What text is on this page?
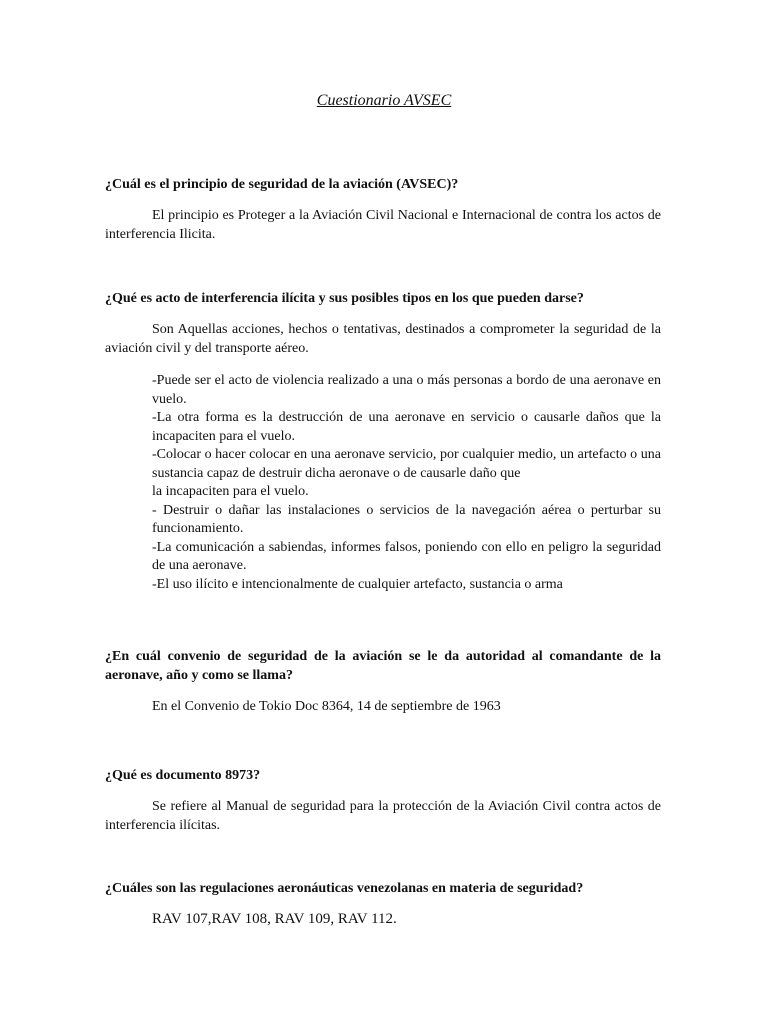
Cuestionario AVSEC
¿Cuál es el principio de seguridad de la aviación (AVSEC)?
El principio es Proteger a la Aviación Civil Nacional e Internacional de contra los actos de interferencia Ilicita.
¿Qué es acto de interferencia ilícita y sus posibles tipos en los que pueden darse?
Son Aquellas acciones, hechos o tentativas, destinados a comprometer la seguridad de la aviación civil y del transporte aéreo.
-Puede ser el acto de violencia realizado a una o más personas a bordo de una aeronave en vuelo.
-La otra forma es la destrucción de una aeronave en servicio o causarle daños que la incapaciten para el vuelo.
-Colocar o hacer colocar en una aeronave servicio, por cualquier medio, un artefacto o una sustancia capaz de destruir dicha aeronave o de causarle daño que
la incapaciten para el vuelo.
- Destruir o dañar las instalaciones o servicios de la navegación aérea o perturbar su funcionamiento.
-La comunicación a sabiendas, informes falsos, poniendo con ello en peligro la seguridad de una aeronave.
-El uso ilícito e intencionalmente de cualquier artefacto, sustancia o arma
¿En cuál convenio de seguridad de la aviación se le da autoridad al comandante de la aeronave, año y como se llama?
En el Convenio de Tokio Doc 8364, 14 de septiembre de 1963
¿Qué es documento 8973?
Se refiere al Manual de seguridad para la protección de la Aviación Civil contra actos de interferencia ilícitas.
¿Cuáles son las regulaciones aeronáuticas venezolanas en materia de seguridad?
RAV 107,RAV 108, RAV 109, RAV 112.
